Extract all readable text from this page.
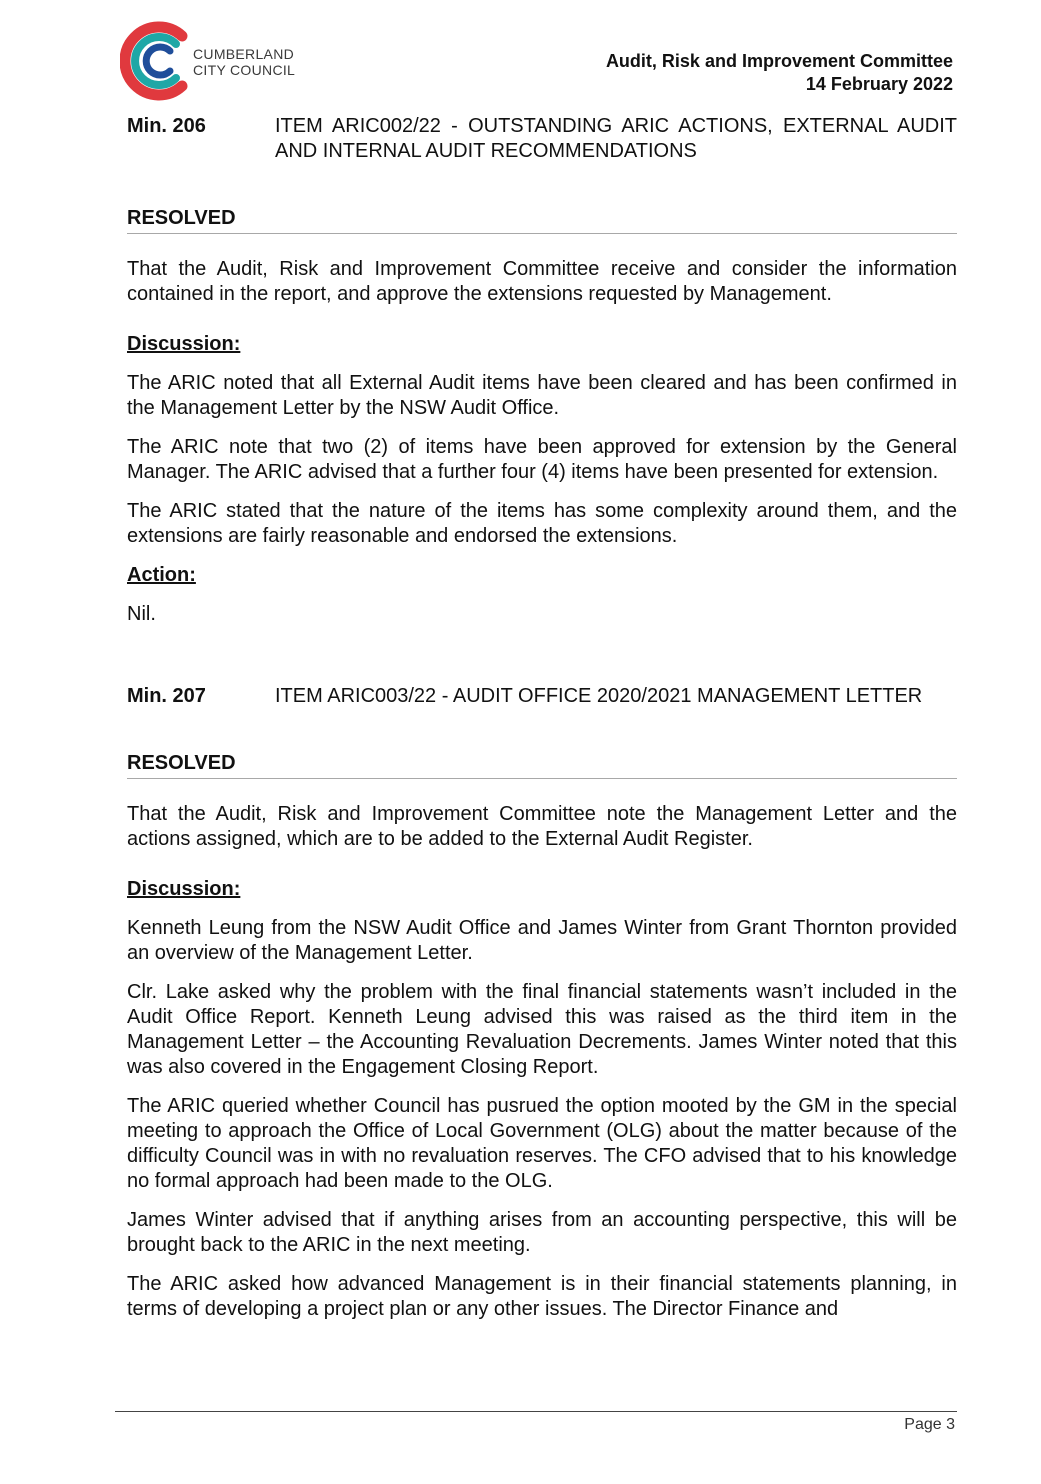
CUMBERLAND
CITY COUNCIL	Audit, Risk and Improvement Committee
14 February 2022
Min. 206	ITEM ARIC002/22 - OUTSTANDING ARIC ACTIONS, EXTERNAL AUDIT AND INTERNAL AUDIT RECOMMENDATIONS
RESOLVED

That the Audit, Risk and Improvement Committee receive and consider the information contained in the report, and approve the extensions requested by Management.

Discussion:

The ARIC noted that all External Audit items have been cleared and has been confirmed in the Management Letter by the NSW Audit Office.

The ARIC note that two (2) of items have been approved for extension by the General Manager. The ARIC advised that a further four (4) items have been presented for extension.

The ARIC stated that the nature of the items has some complexity around them, and the extensions are fairly reasonable and endorsed the extensions.

Action:

Nil.

Min. 207	ITEM ARIC003/22 - AUDIT OFFICE 2020/2021 MANAGEMENT LETTER
RESOLVED

That the Audit, Risk and Improvement Committee note the Management Letter and the actions assigned, which are to be added to the External Audit Register.

Discussion:

Kenneth Leung from the NSW Audit Office and James Winter from Grant Thornton provided an overview of the Management Letter.

Clr. Lake asked why the problem with the final financial statements wasn’t included in the Audit Office Report. Kenneth Leung advised this was raised as the third item in the Management Letter – the Accounting Revaluation Decrements. James Winter noted that this was also covered in the Engagement Closing Report.

The ARIC queried whether Council has pusrued the option mooted by the GM in the special meeting to approach the Office of Local Government (OLG) about the matter because of the difficulty Council was in with no revaluation reserves. The CFO advised that to his knowledge no formal approach had been made to the OLG.

James Winter advised that if anything arises from an accounting perspective, this will be brought back to the ARIC in the next meeting.

The ARIC asked how advanced Management is in their financial statements planning, in terms of developing a project plan or any other issues. The Director Finance and

Page 3
